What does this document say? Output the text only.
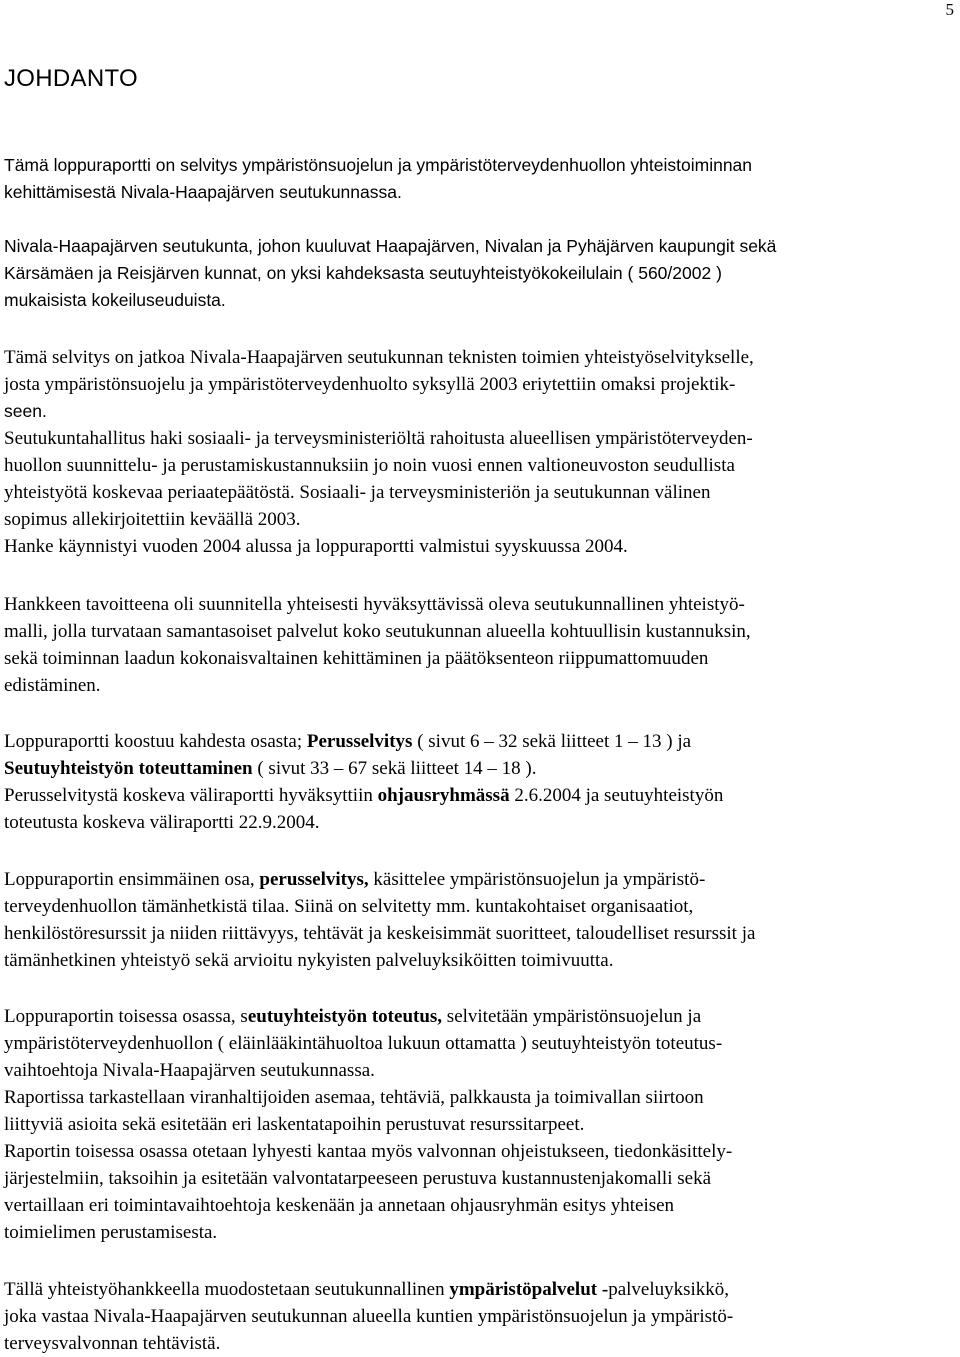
5
JOHDANTO
Tämä loppuraportti on selvitys ympäristönsuojelun ja ympäristöterveydenhuollon yhteistoiminnan
kehittämisestä Nivala-Haapajärven seutukunnassa.
Nivala-Haapajärven seutukunta, johon kuuluvat Haapajärven, Nivalan ja Pyhäjärven kaupungit sekä
Kärsämäen ja Reisjärven kunnat, on yksi kahdeksasta seutuyhteistyökokeilulain ( 560/2002 )
mukaisista kokeiluseuduista.
Tämä selvitys on jatkoa Nivala-Haapajärven seutukunnan teknisten toimien yhteistyöselvitykselle,
josta ympäristönsuojelu ja ympäristöterveydenhuolto syksyllä 2003 eriytettiin omaksi projektik-
seen.
Seutukuntahallitus haki sosiaali- ja terveysministeriöltä rahoitusta alueellisen ympäristöterveyden-
huollon suunnittelu- ja perustamiskustannuksiin jo noin vuosi ennen valtioneuvoston seudullista
yhteistyötä koskevaa periaatepäätöstä. Sosiaali- ja terveysministeriön ja seutukunnan välinen
sopimus allekirjoitettiin keväällä 2003.
Hanke käynnistyi vuoden 2004 alussa ja loppuraportti valmistui syyskuussa 2004.
Hankkeen tavoitteena oli suunnitella yhteisesti hyväksyttävissä oleva seutukunnallinen yhteistyö-
malli, jolla turvataan samantasoiset palvelut koko seutukunnan alueella kohtuullisin kustannuksin,
sekä toiminnan laadun kokonaisvaltainen kehittäminen ja päätöksenteon riippumattomuuden
edistäminen.
Loppuraportti koostuu kahdesta osasta; Perusselvitys ( sivut 6 – 32 sekä liitteet 1 – 13 ) ja
Seutuyhteistyön toteuttaminen ( sivut 33 – 67 sekä liitteet 14 – 18 ).
Perusselvitystä koskeva väliraportti hyväksyttiin ohjausryhmässä 2.6.2004 ja seutuyhteistyön
toteutusta koskeva väliraportti 22.9.2004.
Loppuraportin ensimmäinen osa, perusselvitys, käsittelee ympäristönsuojelun ja ympäristö-
terveydenhuollon tämänhetkistä tilaa. Siinä on selvitetty mm. kuntakohtaiset organisaatiot,
henkilöstöresurssit ja niiden riittävyys, tehtävät ja keskeisimmät suoritteet, taloudelliset resurssit ja
tämänhetkinen yhteistyö sekä arvioitu nykyisten palveluyksiköitten toimivuutta.
Loppuraportin toisessa osassa, seutuyhteistyön toteutus, selvitetään ympäristönsuojelun ja
ympäristöterveydenhuollon ( eläinlääkintähuoltoa lukuun ottamatta ) seutuyhteistyön toteutus-
vaihtoehtoja Nivala-Haapajärven seutukunnassa.
Raportissa tarkastellaan viranhaltijoiden asemaa, tehtäviä, palkkausta ja toimivallan siirtoon
liittyviä asioita sekä esitetään eri laskentatapoihin perustuvat resurssitarpeet.
Raportin toisessa osassa otetaan lyhyesti kantaa myös valvonnan ohjeistukseen, tiedonkäsittely-
järjestelmiin, taksoihin ja esitetään valvontatarpeeseen perustuva kustannustenjakomalli sekä
vertaillaan eri toimintavaihtoehtoja keskenään ja annetaan ohjausryhmän esitys yhteisen
toimielimen perustamisesta.
Tällä yhteistyöhankkeella muodostetaan seutukunnallinen ympäristöpalvelut -palveluyksikkö,
joka vastaa Nivala-Haapajärven seutukunnan alueella kuntien ympäristönsuojelun ja ympäristö-
terveysvalvonnan tehtävistä.
